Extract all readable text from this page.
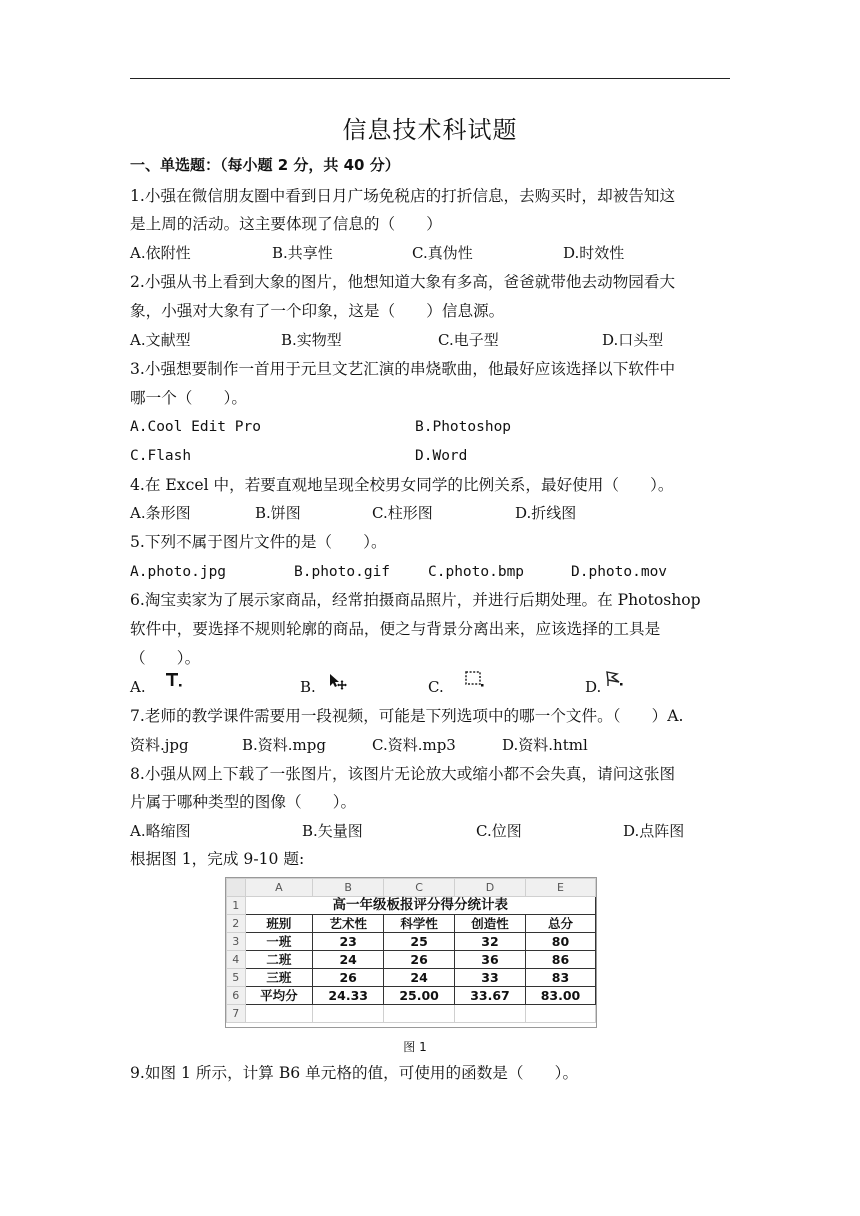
信息技术科试题
一、单选题：（每小题 2 分，共 40 分）
1.小强在微信朋友圈中看到日月广场免税店的打折信息，去购买时，却被告知这
是上周的活动。这主要体现了信息的（　　）
A.依附性	B.共享性	C.真伪性	D.时效性
2.小强从书上看到大象的图片，他想知道大象有多高，爸爸就带他去动物园看大
象，小强对大象有了一个印象，这是（　　）信息源。
A.文献型	B.实物型	C.电子型	D.口头型
3.小强想要制作一首用于元旦文艺汇演的串烧歌曲，他最好应该选择以下软件中
哪一个（　　）。
A.Cool Edit Pro	B.Photoshop
C.Flash	D.Word
4.在 Excel 中，若要直观地呈现全校男女同学的比例关系，最好使用（　　）。
A.条形图	B.饼图	C.柱形图	D.折线图
5.下列不属于图片文件的是（　　）。
A.photo.jpg	B.photo.gif	C.photo.bmp	D.photo.mov
6.淘宝卖家为了展示家商品，经常拍摄商品照片，并进行后期处理。在 Photoshop
软件中，要选择不规则轮廓的商品，便之与背景分离出来，应该选择的工具是
（　　）。
A.	B.	C.	D.
7.老师的教学课件需要用一段视频，可能是下列选项中的哪一个文件。（　　）A.
资料.jpg	B.资料.mpg	C.资料.mp3	D.资料.html
8.小强从网上下载了一张图片，该图片无论放大或缩小都不会失真，请问这张图
片属于哪种类型的图像（　　）。
A.略缩图	B.矢量图	C.位图	D.点阵图
根据图 1，完成 9-10 题:
	A	B	C	D	E
1	高一年级板报评分得分统计表				
2	班别	艺术性	科学性	创造性	总分
3	一班	23	25	32	80
4	二班	24	26	36	86
5	三班	26	24	33	83
6	平均分	24.33	25.00	33.67	83.00
7					
图 1
9.如图 1 所示，计算 B6 单元格的值，可使用的函数是（　　）。
